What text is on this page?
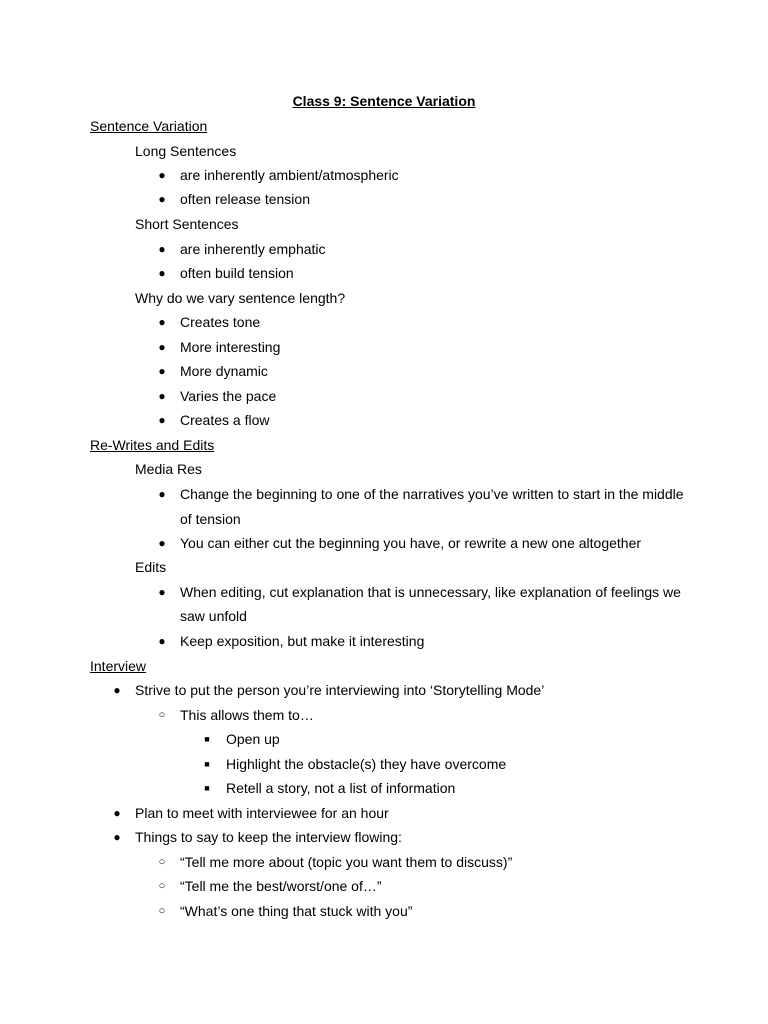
Class 9: Sentence Variation
Sentence Variation
Long Sentences
● are inherently ambient/atmospheric
● often release tension
Short Sentences
● are inherently emphatic
● often build tension
Why do we vary sentence length?
● Creates tone
● More interesting
● More dynamic
● Varies the pace
● Creates a flow
Re-Writes and Edits
Media Res
● Change the beginning to one of the narratives you’ve written to start in the middle
of tension
● You can either cut the beginning you have, or rewrite a new one altogether
Edits
● When editing, cut explanation that is unnecessary, like explanation of feelings we
saw unfold
● Keep exposition, but make it interesting
Interview
● Strive to put the person you’re interviewing into ‘Storytelling Mode’
○ This allows them to…
■	Open up
■	Highlight the obstacle(s) they have overcome
■	Retell a story, not a list of information
● Plan to meet with interviewee for an hour
● Things to say to keep the interview flowing:
○ “Tell me more about (topic you want them to discuss)”
○ “Tell me the best/worst/one of…”
○ “What’s one thing that stuck with you”
